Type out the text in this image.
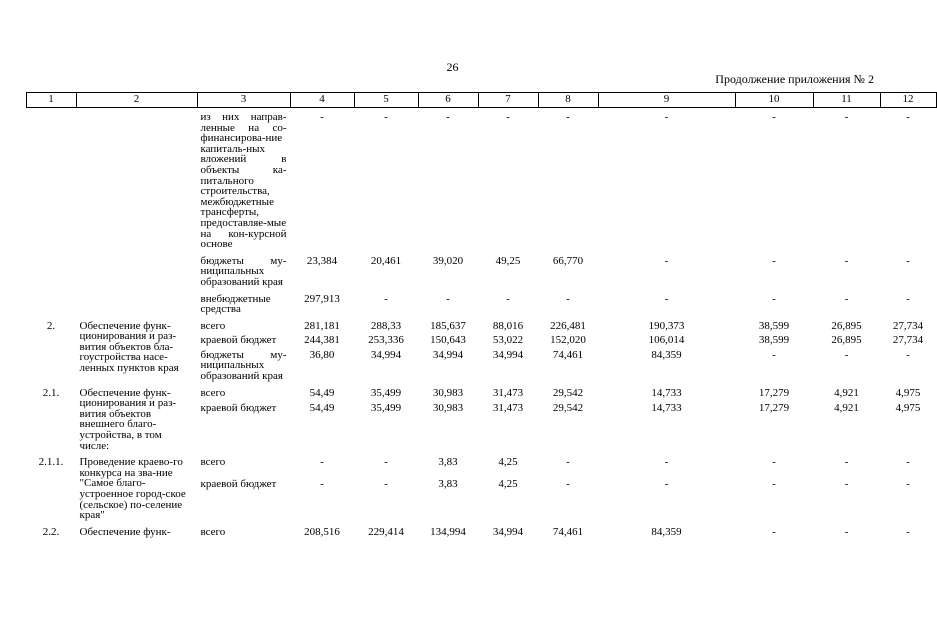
26
Продолжение приложения № 2
1	2	3	4	5	6	7	8	9	10	11	12
		из них направ-ленные на со-финансирова-ние капиталь-ных вложений в объекты ка-питального строительства, межбюджетные трансферты, предоставляе-мые на кон-курсной основе	-	-	-	-	-	-	-	-	-
		бюджеты му-ниципальных образований края	23,384	20,461	39,020	49,25	66,770	-	-	-	-
		внебюджетные средства	297,913	-	-	-	-	-	-	-	-
2.	Обеспечение функ-ционирования и раз-вития объектов бла-гоустройства насе-ленных пунктов края	всего	281,181	288,33	185,637	88,016	226,481	190,373	38,599	26,895	27,734
		краевой бюджет	244,381	253,336	150,643	53,022	152,020	106,014	38,599	26,895	27,734
		бюджеты му-ниципальных образований края	36,80	34,994	34,994	34,994	74,461	84,359	-	-	-
2.1.	Обеспечение функ-ционирования и раз-вития объектов внешнего благо-устройства, в том числе:	всего	54,49	35,499	30,983	31,473	29,542	14,733	17,279	4,921	4,975
		краевой бюджет	54,49	35,499	30,983	31,473	29,542	14,733	17,279	4,921	4,975
2.1.1.	Проведение краево-го конкурса на зва-ние "Самое благо-устроенное город-ское (сельское) по-селение края"	всего	-	-	3,83	4,25	-	-	-	-	-
		краевой бюджет	-	-	3,83	4,25	-	-	-	-	-
2.2.	Обеспечение функ-	всего	208,516	229,414	134,994	34,994	74,461	84,359	-	-	-
